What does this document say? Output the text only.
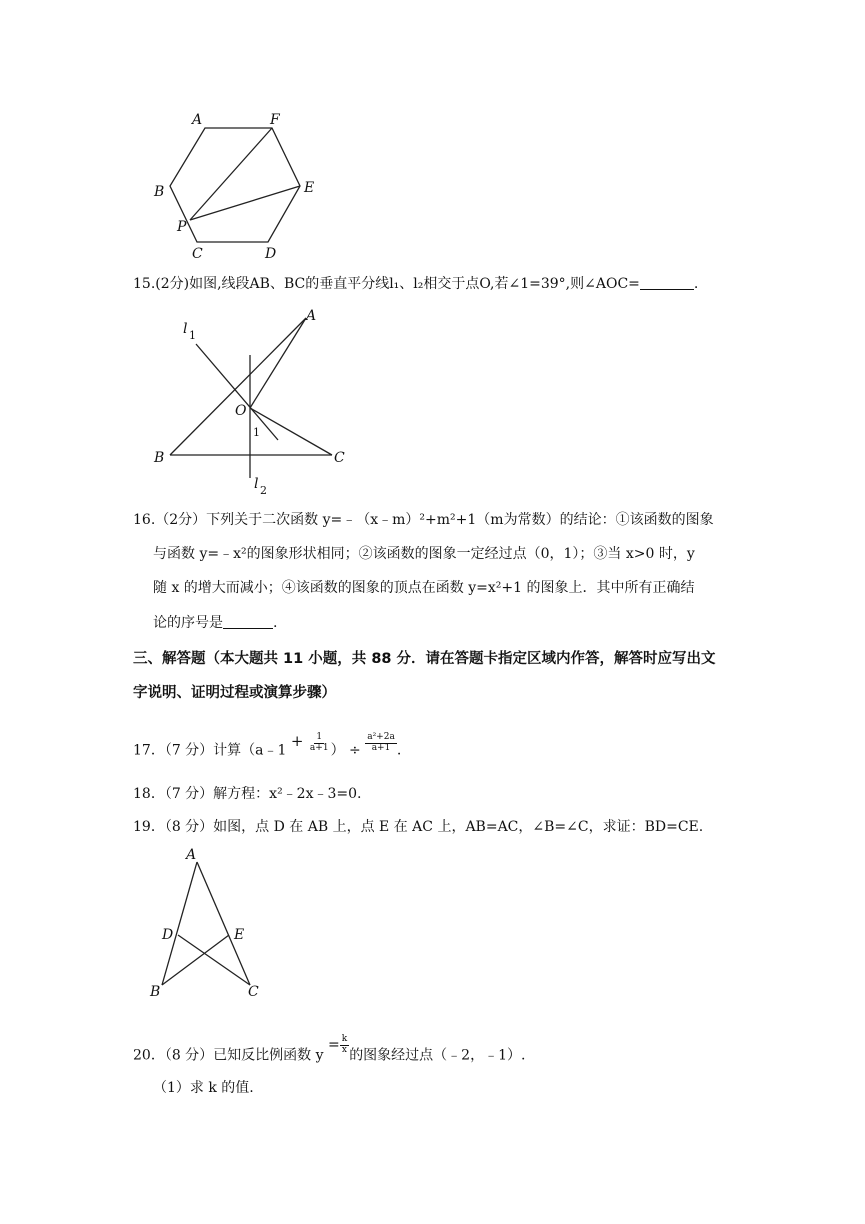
A	F
B	E
P
C	D
15.(2分)如图,线段AB、BC的垂直平分线l₁、l₂相交于点O,若∠1=39°,则∠AOC=	.
l 1
A
O
1
B	C
l 2
16.（2分）下列关于二次函数 y=﹣（x﹣m）²+m²+1（m为常数）的结论：①该函数的图象
与函数 y=﹣x²的图象形状相同；②该函数的图象一定经过点（0，1）；③当 x>0 时，y
随 x 的增大而减小；④该函数的图象的顶点在函数 y=x²+1 的图象上．其中所有正确结
论的序号是	.
三、解答题（本大题共 11 小题，共 88 分．请在答题卡指定区域内作答，解答时应写出文
字说明、证明过程或演算步骤）
17．（7 分）计算（a﹣1 + $\frac{1}{a+1}$ ） ÷ $\frac{\text{a²+2a}}{a+1}$ .
18．（7 分）解方程：x²﹣2x﹣3=0.
19．（8 分）如图，点 D 在 AB 上，点 E 在 AC 上，AB=AC，∠B=∠C，求证：BD=CE.
A
D	E
B	C
20．（8 分）已知反比例函数 $y = \frac{k}{x}$ 的图象经过点（﹣2，﹣1）.
（1）求 k 的值.
